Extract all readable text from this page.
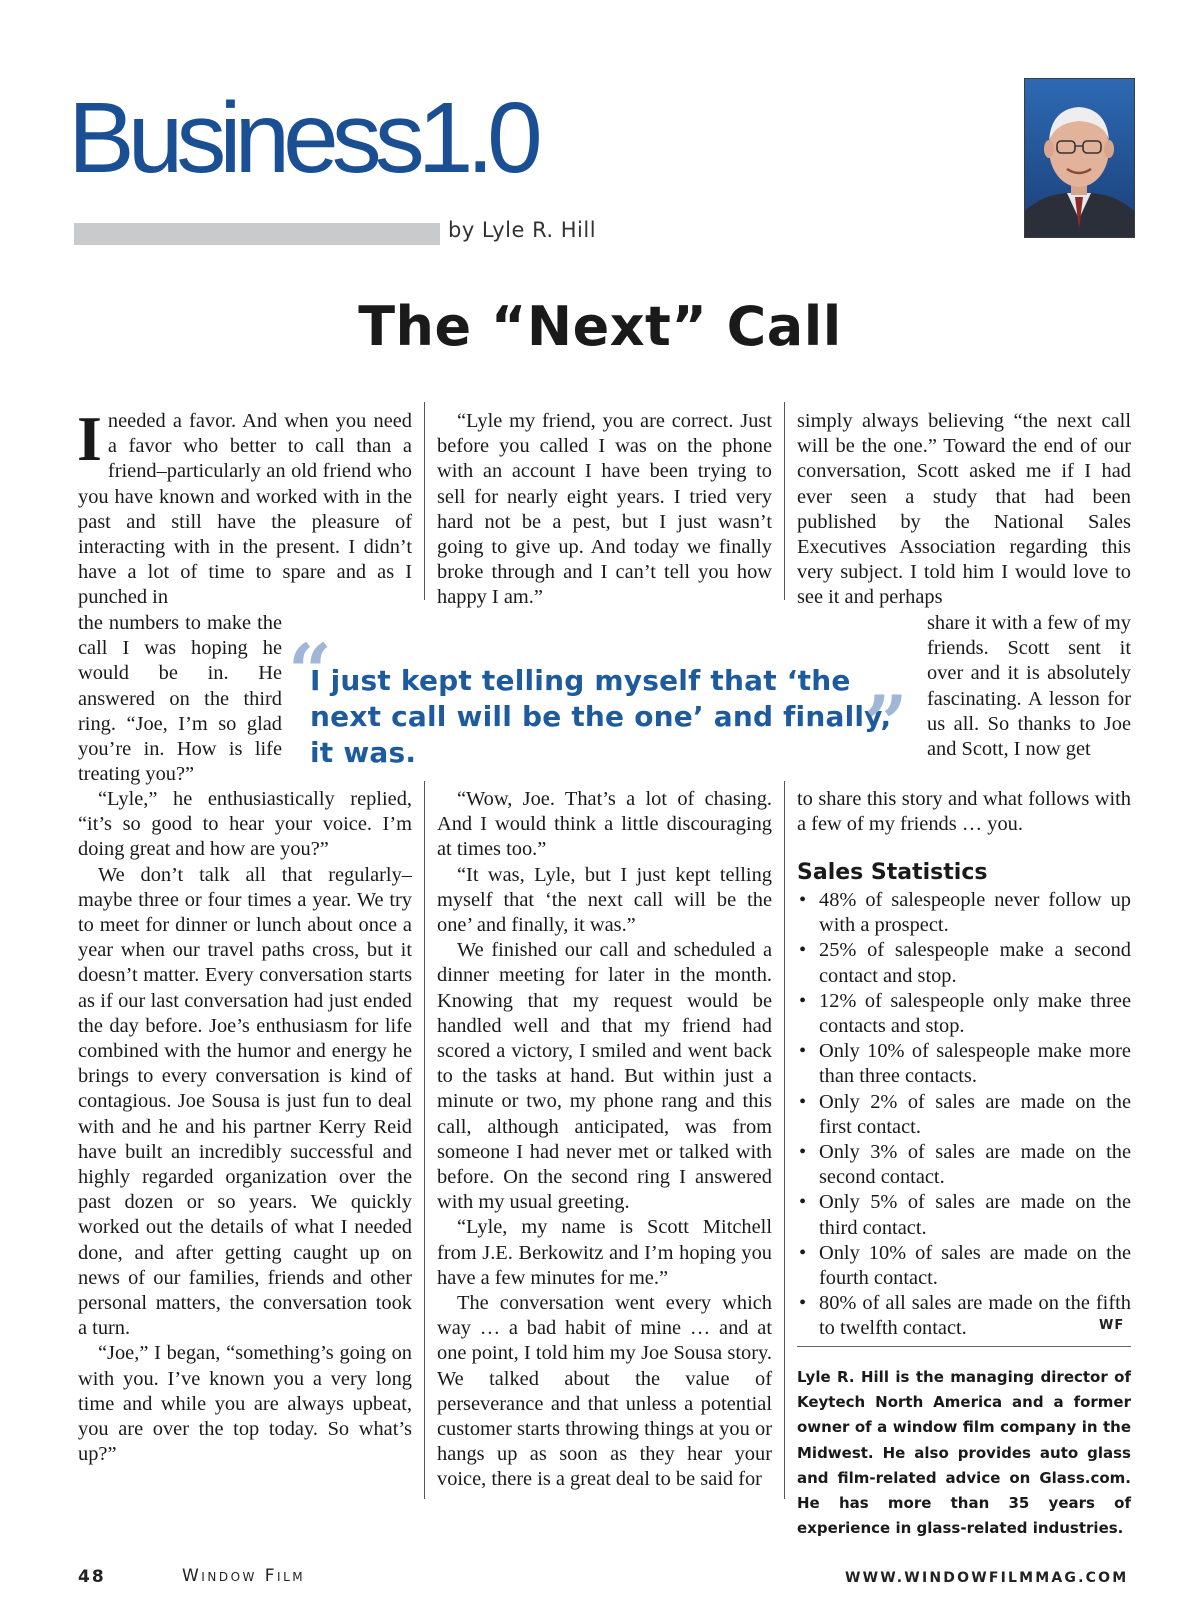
Business1.0
by Lyle R. Hill
The “Next” Call

Ineeded a favor. And when you need a favor who better to call than a friend–particularly an old friend who you have known and worked with in the past and still have the pleasure of interacting with in the present. I didn’t have a lot of time to spare and as I punched in

the numbers to make the call I was hoping he would be in. He answered on the third ring. “Joe, I’m so glad you’re in. How is life treating you?”

“Lyle,” he enthusiastically replied, “it’s so good to hear your voice. I’m doing great and how are you?”

We don’t talk all that regularly–maybe three or four times a year. We try to meet for dinner or lunch about once a year when our travel paths cross, but it doesn’t matter. Every conversation starts as if our last conversation had just ended the day before. Joe’s enthusiasm for life combined with the humor and energy he brings to every conversation is kind of contagious. Joe Sousa is just fun to deal with and he and his partner Kerry Reid have built an incredibly successful and highly regarded organization over the past dozen or so years. We quickly worked out the details of what I needed done, and after getting caught up on news of our families, friends and other personal matters, the conversation took a turn.

“Joe,” I began, “something’s going on with you. I’ve known you a very long time and while you are always upbeat, you are over the top today. So what’s up?”

“Lyle my friend, you are correct. Just before you called I was on the phone with an account I have been trying to sell for nearly eight years. I tried very hard not be a pest, but I just wasn’t going to give up. And today we finally broke through and I can’t tell you how happy I am.”

“Wow, Joe. That’s a lot of chasing. And I would think a little discouraging at times too.”

“It was, Lyle, but I just kept telling myself that ‘the next call will be the one’ and finally, it was.”

We finished our call and scheduled a dinner meeting for later in the month. Knowing that my request would be handled well and that my friend had scored a victory, I smiled and went back to the tasks at hand. But within just a minute or two, my phone rang and this call, although anticipated, was from someone I had never met or talked with before. On the second ring I answered with my usual greeting.

“Lyle, my name is Scott Mitchell from J.E. Berkowitz and I’m hoping you have a few minutes for me.”

The conversation went every which way … a bad habit of mine … and at one point, I told him my Joe Sousa story. We talked about the value of perseverance and that unless a potential customer starts throwing things at you or hangs up as soon as they hear your voice, there is a great deal to be said for

simply always believing “the next call will be the one.” Toward the end of our conversation, Scott asked me if I had ever seen a study that had been published by the National Sales Executives Association regarding this very subject. I told him I would love to see it and perhaps

share it with a few of my friends. Scott sent it over and it is absolutely fascinating. A lesson for us all. So thanks to Joe and Scott, I now get

to share this story and what follows with a few of my friends … you.

“
I just kept telling myself that ‘the next call will be the one’ and finally, it was.	”
Sales Statistics
• 48% of salespeople never follow up with a prospect.
• 25% of salespeople make a second contact and stop.
• 12% of salespeople only make three contacts and stop.
• Only 10% of salespeople make more than three contacts.
• Only 2% of sales are made on the first contact.
• Only 3% of sales are made on the second contact.
• Only 5% of sales are made on the third contact.
• Only 10% of sales are made on the fourth contact.
• 80% of all sales are made on the fifth to twelfth contact.	WF
Lyle R. Hill is the managing director of Keytech North America and a former owner of a window film company in the Midwest. He also provides auto glass and film-related advice on Glass.com. He has more than 35 years of experience in glass-related industries.
48	Window Film	WWW.WINDOWFILMMAG.COM
